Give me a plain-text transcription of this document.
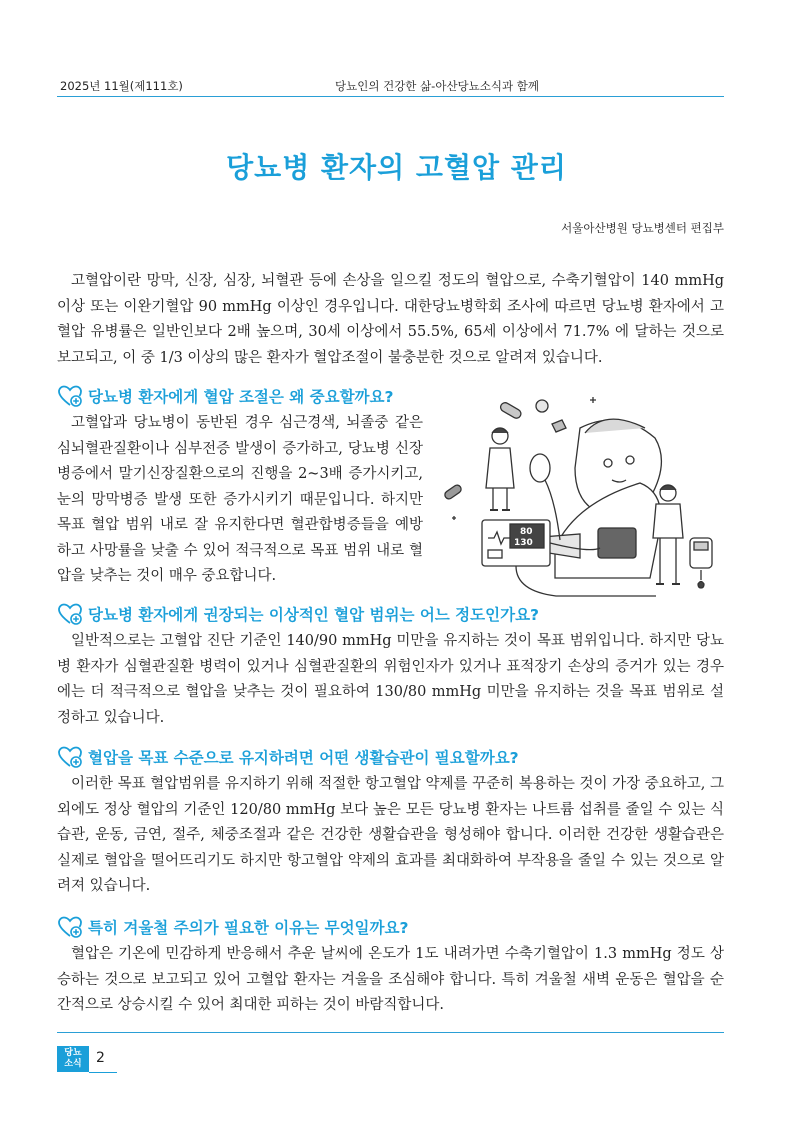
2025년 11월(제111호)	당뇨인의 건강한 삶-아산당뇨소식과 함께
당뇨병 환자의 고혈압 관리
서울아산병원 당뇨병센터 편집부

고혈압이란 망막, 신장, 심장, 뇌혈관 등에 손상을 일으킬 정도의 혈압으로, 수축기혈압이 140 mmHg 이상 또는 이완기혈압 90 mmHg 이상인 경우입니다. 대한당뇨병학회 조사에 따르면 당뇨병 환자에서 고혈압 유병률은 일반인보다 2배 높으며, 30세 이상에서 55.5%, 65세 이상에서 71.7% 에 달하는 것으로 보고되고, 이 중 1/3 이상의 많은 환자가 혈압조절이 불충분한 것으로 알려져 있습니다.

당뇨병 환자에게 혈압 조절은 왜 중요할까요?

고혈압과 당뇨병이 동반된 경우 심근경색, 뇌졸중 같은 심뇌혈관질환이나 심부전증 발생이 증가하고, 당뇨병 신장병증에서 말기신장질환으로의 진행을 2~3배 증가시키고, 눈의 망막병증 발생 또한 증가시키기 때문입니다. 하지만 목표 혈압 범위 내로 잘 유지한다면 혈관합병증들을 예방하고 사망률을 낮출 수 있어 적극적으로 목표 범위 내로 혈압을 낮추는 것이 매우 중요합니다.

80
130
당뇨병 환자에게 권장되는 이상적인 혈압 범위는 어느 정도인가요?

일반적으로는 고혈압 진단 기준인 140/90 mmHg 미만을 유지하는 것이 목표 범위입니다. 하지만 당뇨병 환자가 심혈관질환 병력이 있거나 심혈관질환의 위험인자가 있거나 표적장기 손상의 증거가 있는 경우에는 더 적극적으로 혈압을 낮추는 것이 필요하여 130/80 mmHg 미만을 유지하는 것을 목표 범위로 설정하고 있습니다.

혈압을 목표 수준으로 유지하려면 어떤 생활습관이 필요할까요?

이러한 목표 혈압범위를 유지하기 위해 적절한 항고혈압 약제를 꾸준히 복용하는 것이 가장 중요하고, 그 외에도 정상 혈압의 기준인 120/80 mmHg 보다 높은 모든 당뇨병 환자는 나트륨 섭취를 줄일 수 있는 식습관, 운동, 금연, 절주, 체중조절과 같은 건강한 생활습관을 형성해야 합니다. 이러한 건강한 생활습관은 실제로 혈압을 떨어뜨리기도 하지만 항고혈압 약제의 효과를 최대화하여 부작용을 줄일 수 있는 것으로 알려져 있습니다.

특히 겨울철 주의가 필요한 이유는 무엇일까요?

혈압은 기온에 민감하게 반응해서 추운 날씨에 온도가 1도 내려가면 수축기혈압이 1.3 mmHg 정도 상승하는 것으로 보고되고 있어 고혈압 환자는 겨울을 조심해야 합니다. 특히 겨울철 새벽 운동은 혈압을 순간적으로 상승시킬 수 있어 최대한 피하는 것이 바람직합니다.

당뇨
소식 2
